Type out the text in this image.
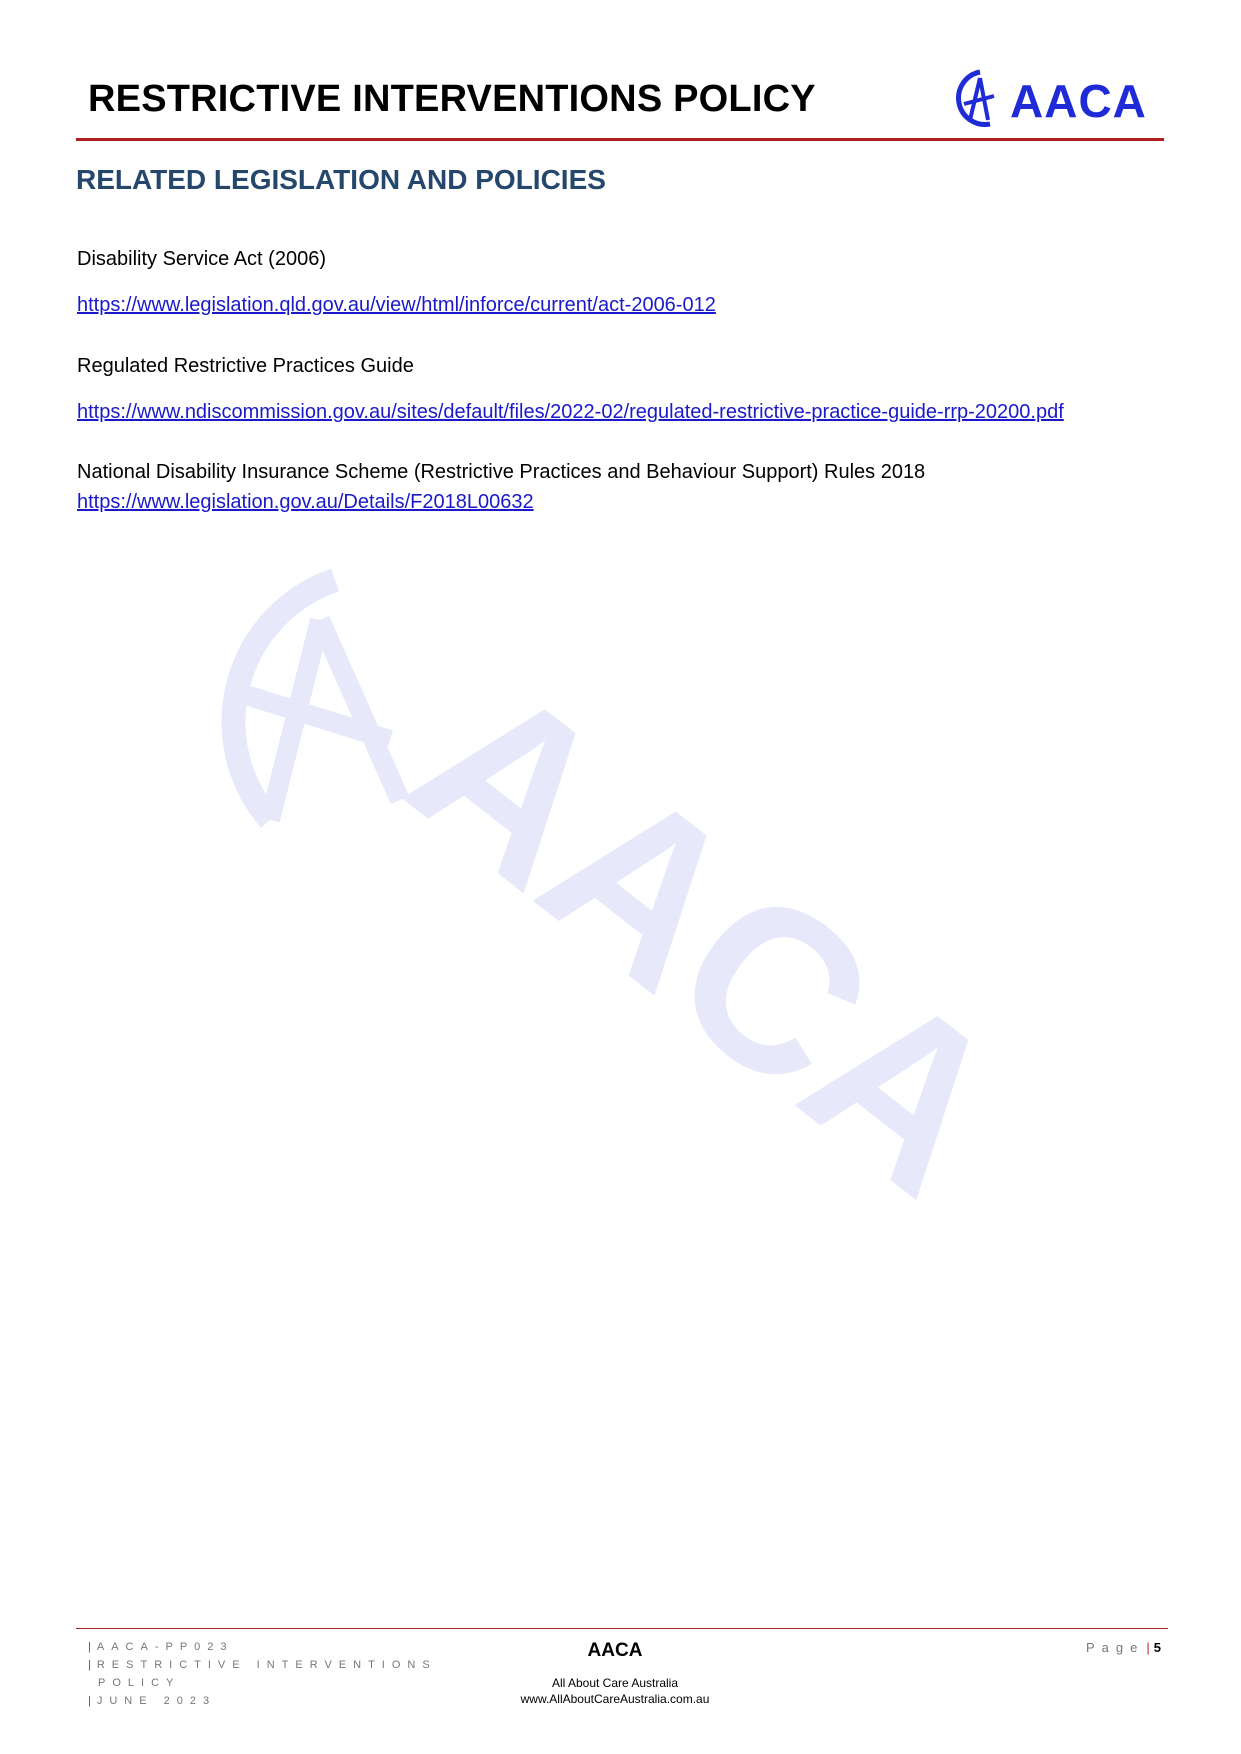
RESTRICTIVE INTERVENTIONS POLICY	AACA
RELATED LEGISLATION AND POLICIES
Disability Service Act (2006)
https://www.legislation.qld.gov.au/view/html/inforce/current/act-2006-012
Regulated Restrictive Practices Guide
https://www.ndiscommission.gov.au/sites/default/files/2022-02/regulated-restrictive-practice-guide-rrp-20200.pdf
National Disability Insurance Scheme (Restrictive Practices and Behaviour Support) Rules 2018
https://www.legislation.gov.au/Details/F2018L00632
AACA
| AACA-PP023
| RESTRICTIVE INTERVENTIONS
POLICY
| JUNE 2023
AACA
All About Care Australia
www.AllAboutCareAustralia.com.au
Page | 5
